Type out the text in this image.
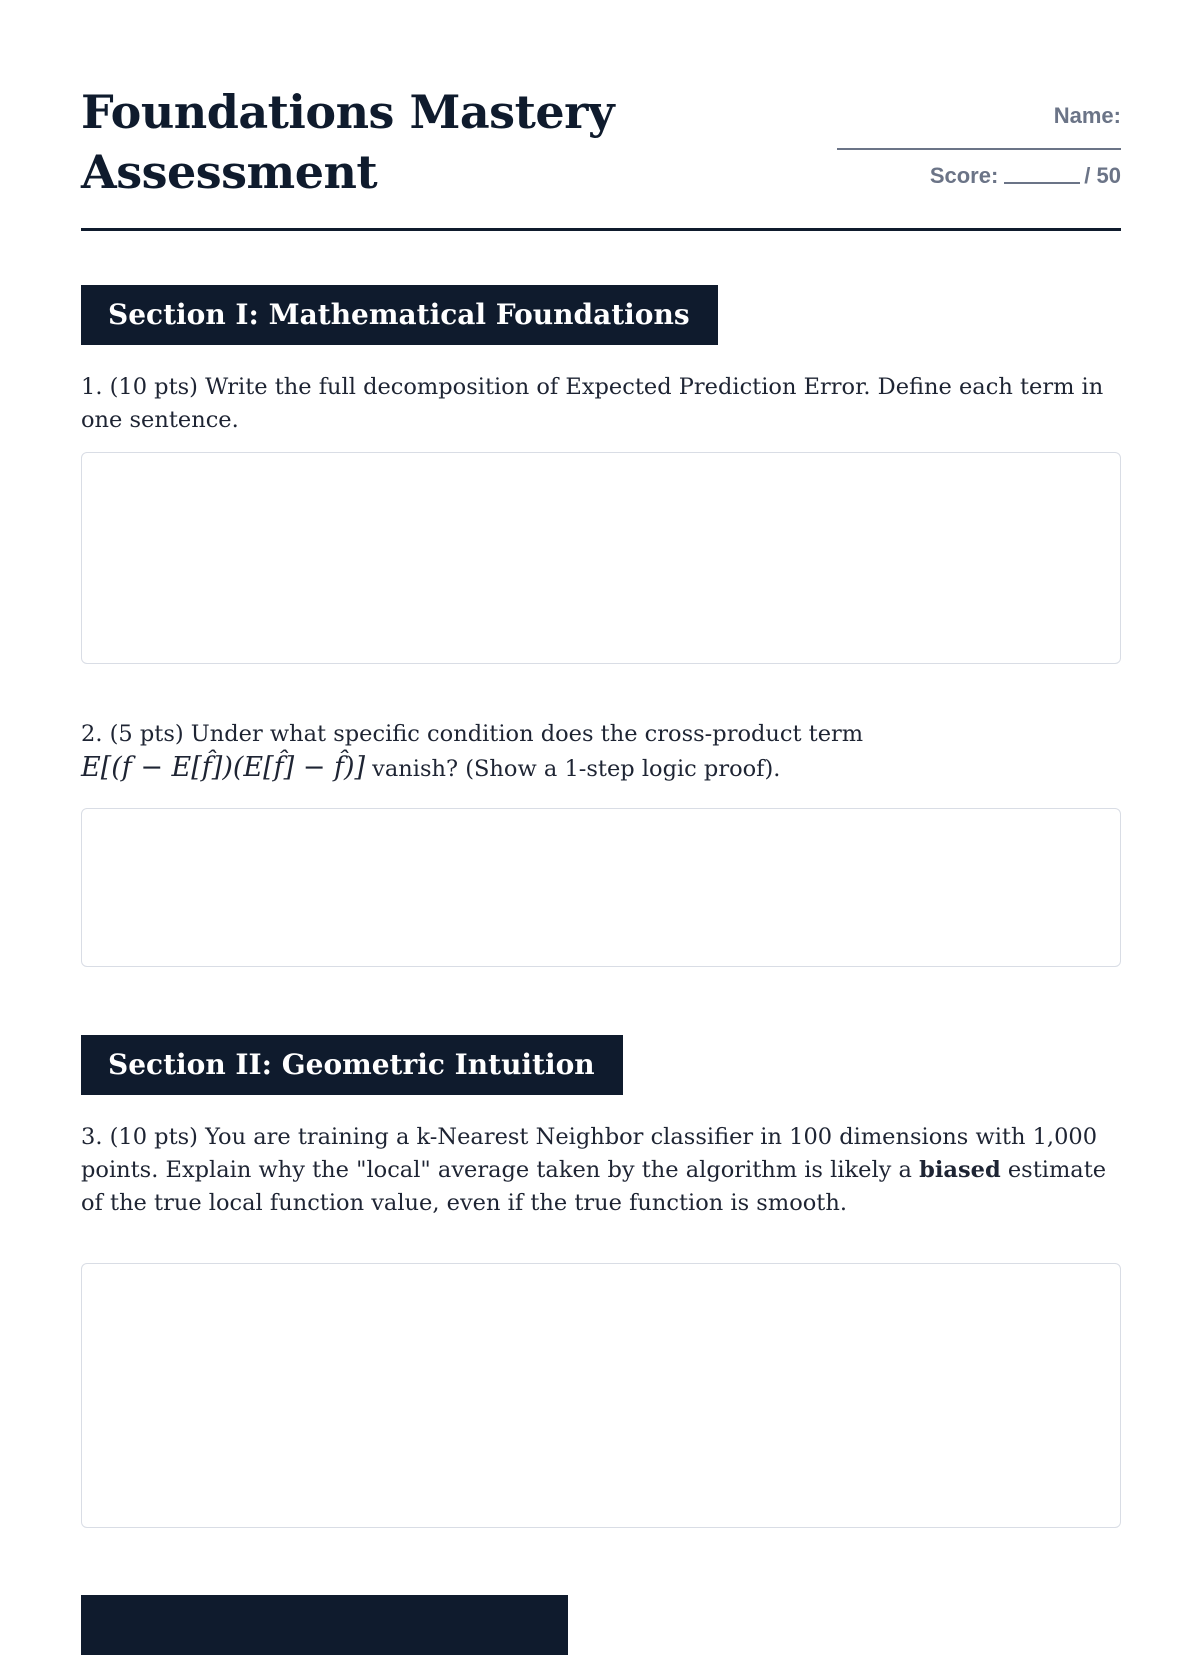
Foundations Mastery
Assessment
Name:
Score:	/ 50
Section I: Mathematical Foundations
1. (10 pts) Write the full decomposition of Expected Prediction Error. Define each term in one sentence.
2. (5 pts) Under what specific condition does the cross-product term
E[(f − E[f̂])(E[f̂] − f̂)] vanish? (Show a 1-step logic proof).
Section II: Geometric Intuition
3. (10 pts) You are training a k-Nearest Neighbor classifier in 100 dimensions with 1,000 points. Explain why the "local" average taken by the algorithm is likely a biased estimate of the true local function value, even if the true function is smooth.
